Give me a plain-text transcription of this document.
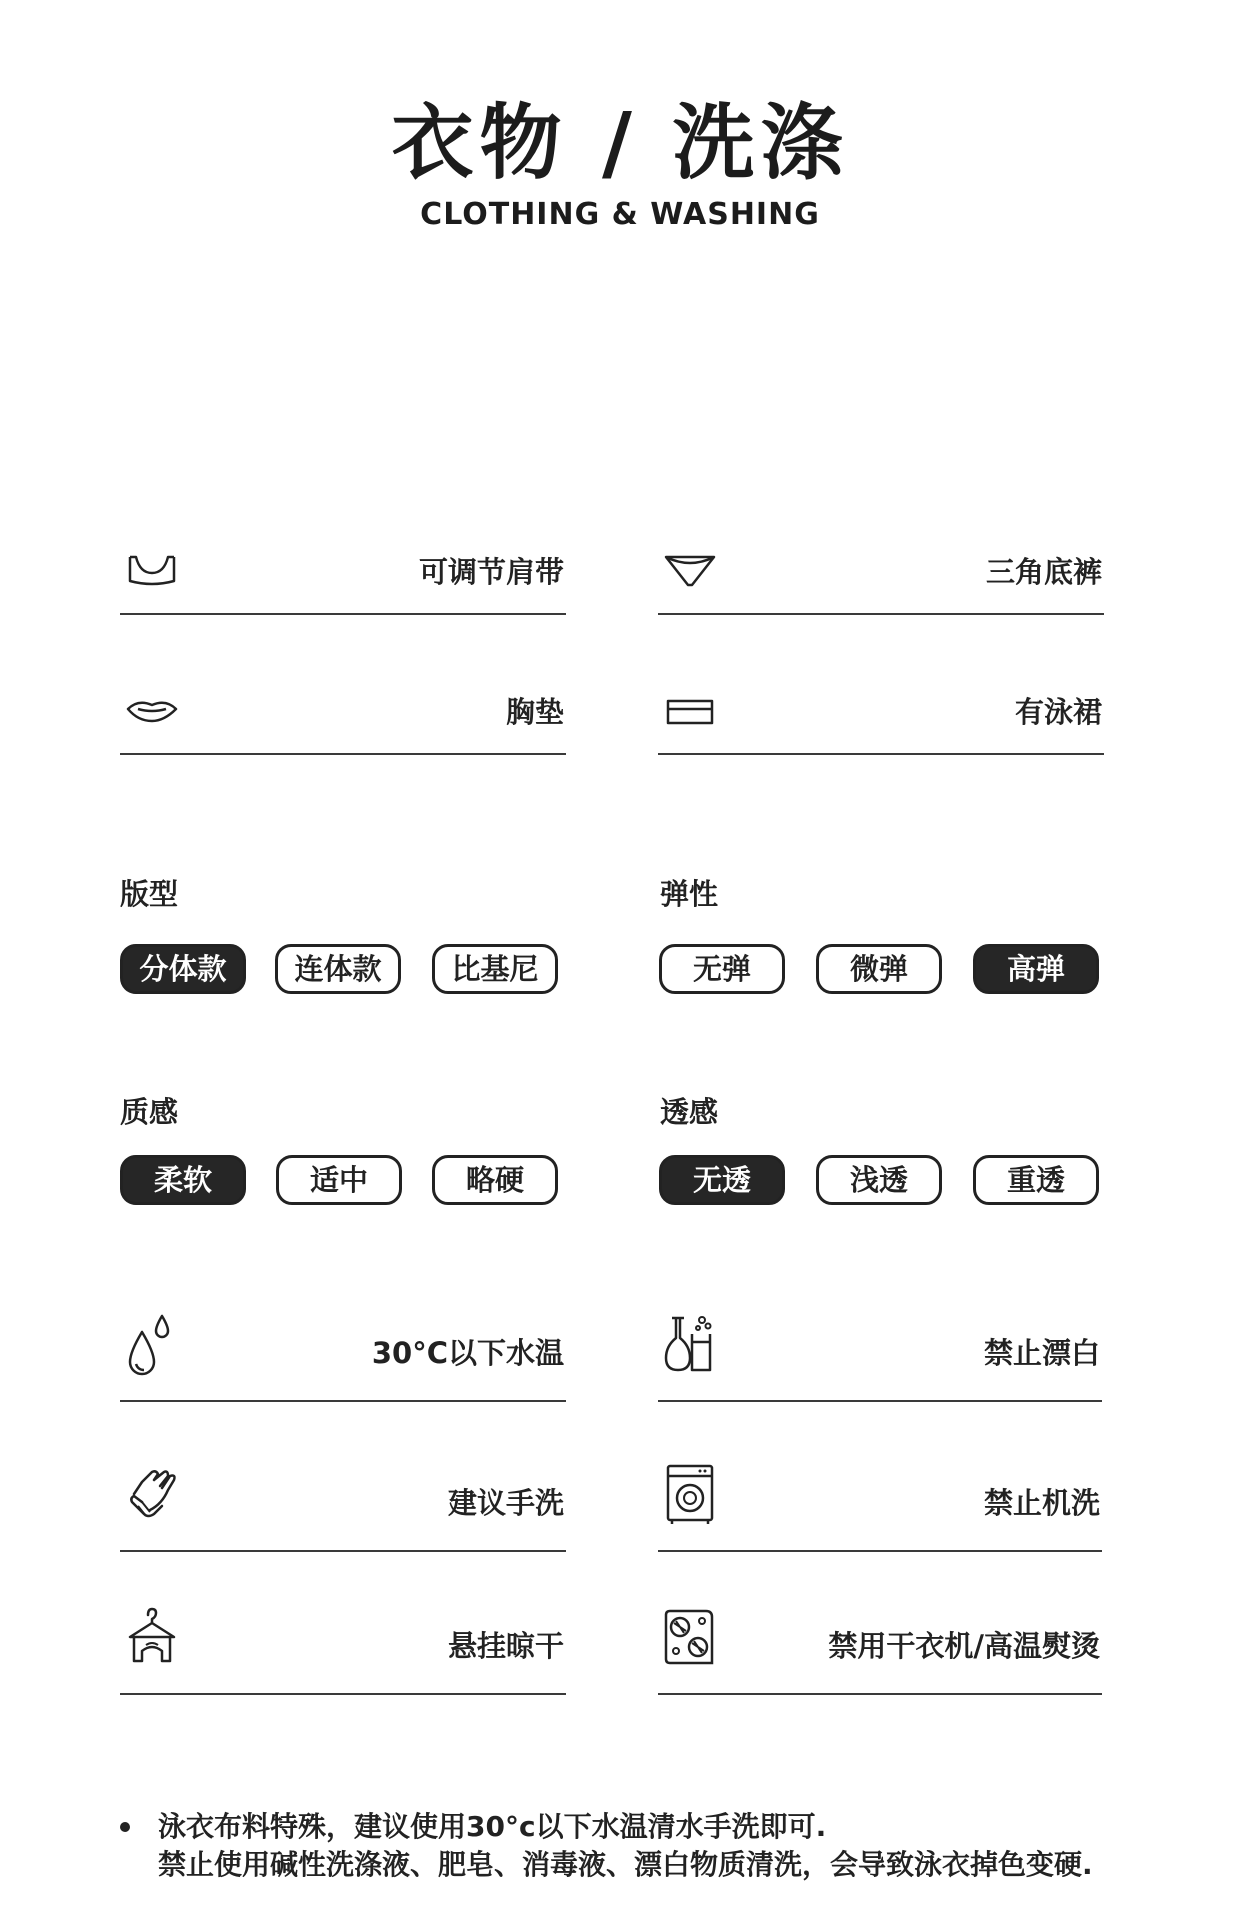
衣物 / 洗涤
CLOTHING & WASHING
可调节肩带	三角底裤
胸垫	有泳裙
版型
分体款	连体款	比基尼
弹性
无弹	微弹	高弹
质感
柔软	适中	略硬
透感
无透	浅透	重透
30°C以下水温	禁止漂白
建议手洗	禁止机洗
悬挂晾干	禁用干衣机/高温熨烫
泳衣布料特殊，建议使用30°c以下水温清水手洗即可.
禁止使用碱性洗涤液、肥皂、消毒液、漂白物质清洗，会导致泳衣掉色变硬.
